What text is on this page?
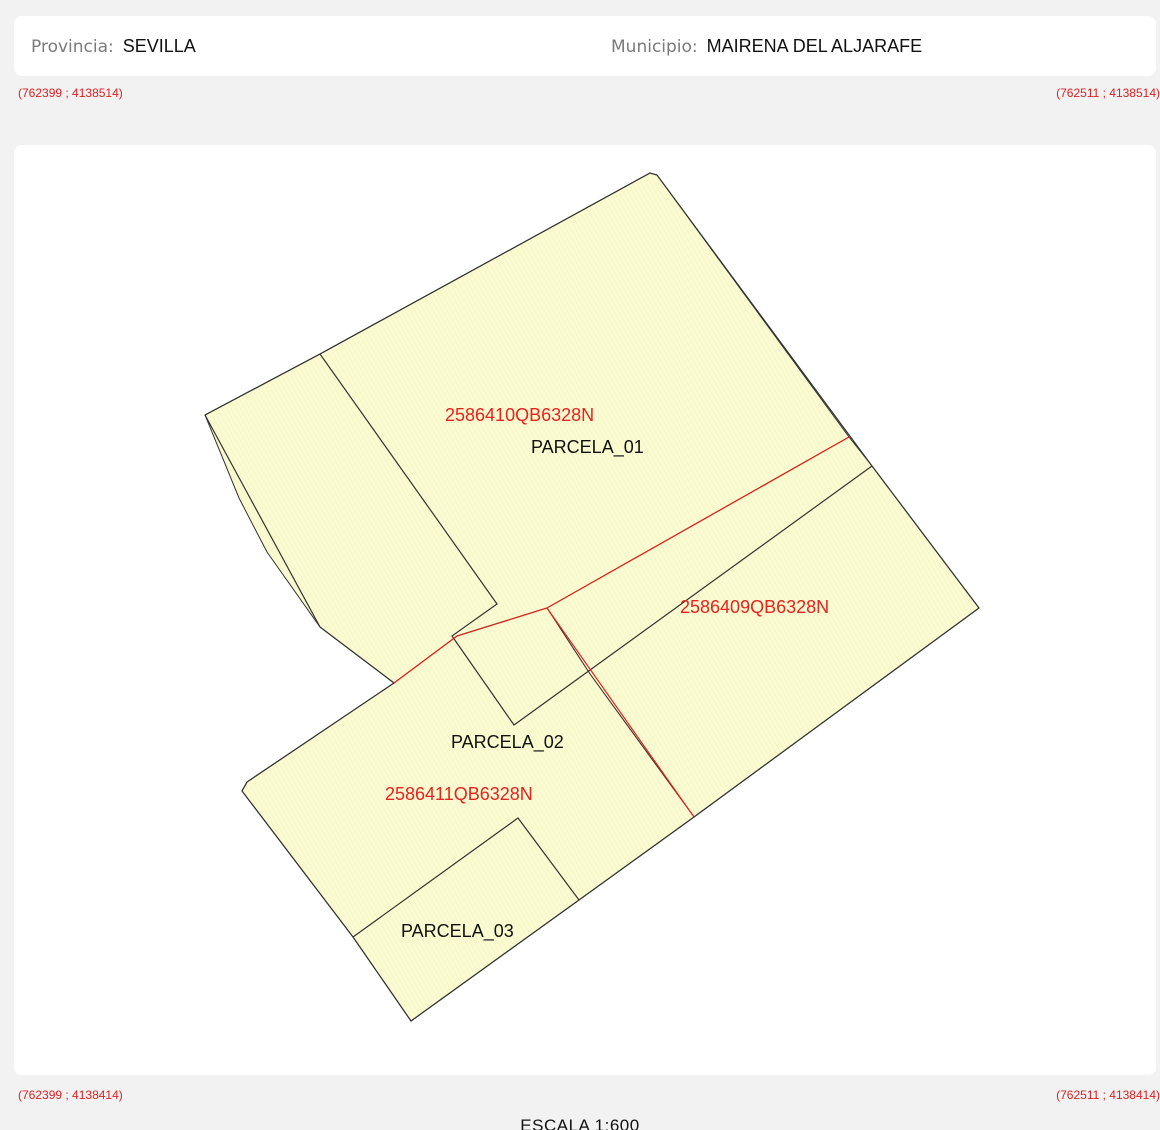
Provincia: SEVILLA	Municipio: MAIRENA DEL ALJARAFE
(762399 ; 4138514)	(762511 ; 4138514)
2586410QB6328N
PARCELA_01
2586409QB6328N
PARCELA_02
2586411QB6328N
PARCELA_03
(762399 ; 4138414)	(762511 ; 4138414)
ESCALA 1:600
